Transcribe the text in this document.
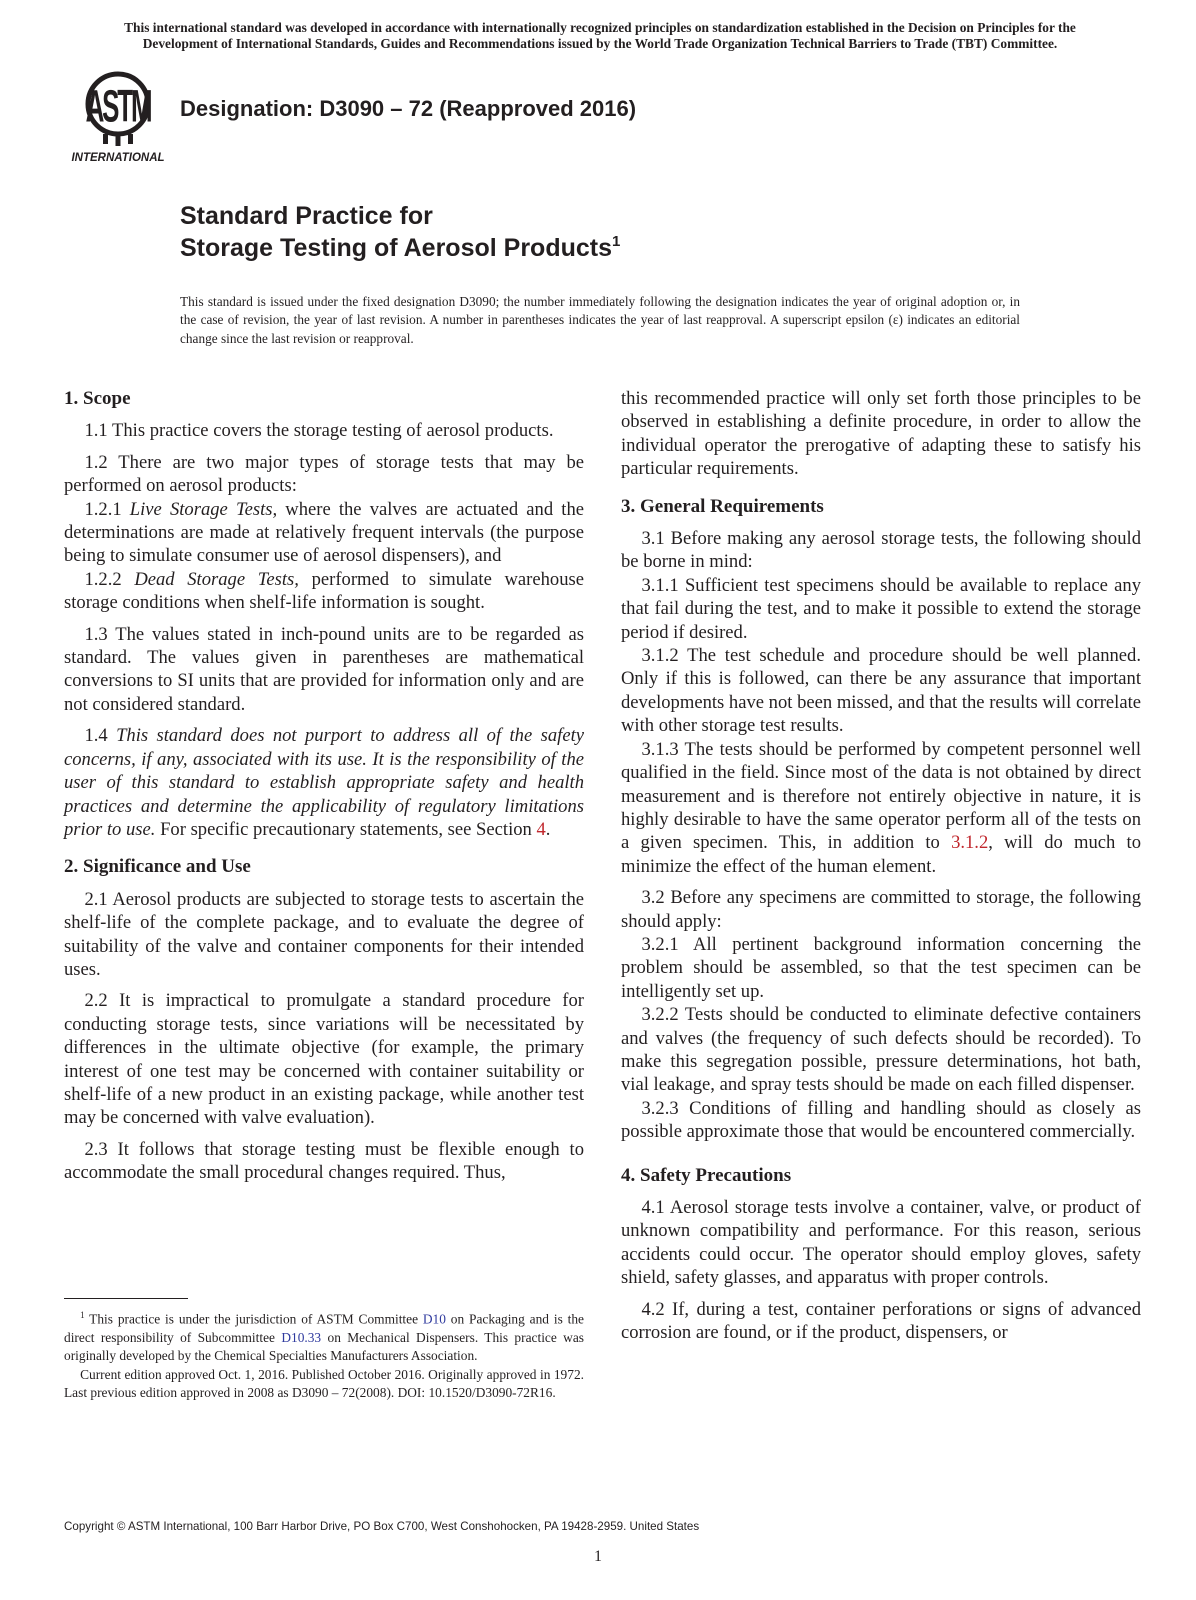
This international standard was developed in accordance with internationally recognized principles on standardization established in the Decision on Principles for the
Development of International Standards, Guides and Recommendations issued by the World Trade Organization Technical Barriers to Trade (TBT) Committee.
ASTM
INTERNATIONAL
Designation: D3090 – 72 (Reapproved 2016)
Standard Practice for
Storage Testing of Aerosol Products$^1$
This standard is issued under the fixed designation D3090; the number immediately following the designation indicates the year of original adoption or, in the case of revision, the year of last revision. A number in parentheses indicates the year of last reapproval. A superscript epsilon (ε) indicates an editorial change since the last revision or reapproval.
1. Scope

1.1 This practice covers the storage testing of aerosol products.

1.2 There are two major types of storage tests that may be performed on aerosol products:

1.2.1 Live Storage Tests, where the valves are actuated and the determinations are made at relatively frequent intervals (the purpose being to simulate consumer use of aerosol dispensers), and

1.2.2 Dead Storage Tests, performed to simulate warehouse storage conditions when shelf-life information is sought.

1.3 The values stated in inch-pound units are to be regarded as standard. The values given in parentheses are mathematical conversions to SI units that are provided for information only and are not considered standard.

1.4 This standard does not purport to address all of the safety concerns, if any, associated with its use. It is the responsibility of the user of this standard to establish appropriate safety and health practices and determine the applicability of regulatory limitations prior to use. For specific precautionary statements, see Section 4.

2. Significance and Use

2.1 Aerosol products are subjected to storage tests to ascertain the shelf-life of the complete package, and to evaluate the degree of suitability of the valve and container components for their intended uses.

2.2 It is impractical to promulgate a standard procedure for conducting storage tests, since variations will be necessitated by differences in the ultimate objective (for example, the primary interest of one test may be concerned with container suitability or shelf-life of a new product in an existing package, while another test may be concerned with valve evaluation).

2.3 It follows that storage testing must be flexible enough to accommodate the small procedural changes required. Thus,

this recommended practice will only set forth those principles to be observed in establishing a definite procedure, in order to allow the individual operator the prerogative of adapting these to satisfy his particular requirements.

3. General Requirements

3.1 Before making any aerosol storage tests, the following should be borne in mind:

3.1.1 Sufficient test specimens should be available to replace any that fail during the test, and to make it possible to extend the storage period if desired.

3.1.2 The test schedule and procedure should be well planned. Only if this is followed, can there be any assurance that important developments have not been missed, and that the results will correlate with other storage test results.

3.1.3 The tests should be performed by competent personnel well qualified in the field. Since most of the data is not obtained by direct measurement and is therefore not entirely objective in nature, it is highly desirable to have the same operator perform all of the tests on a given specimen. This, in addition to 3.1.2, will do much to minimize the effect of the human element.

3.2 Before any specimens are committed to storage, the following should apply:

3.2.1 All pertinent background information concerning the problem should be assembled, so that the test specimen can be intelligently set up.

3.2.2 Tests should be conducted to eliminate defective containers and valves (the frequency of such defects should be recorded). To make this segregation possible, pressure determinations, hot bath, vial leakage, and spray tests should be made on each filled dispenser.

3.2.3 Conditions of filling and handling should as closely as possible approximate those that would be encountered commercially.

4. Safety Precautions

4.1 Aerosol storage tests involve a container, valve, or product of unknown compatibility and performance. For this reason, serious accidents could occur. The operator should employ gloves, safety shield, safety glasses, and apparatus with proper controls.

4.2 If, during a test, container perforations or signs of advanced corrosion are found, or if the product, dispensers, or

$^1$ This practice is under the jurisdiction of ASTM Committee D10 on Packaging and is the direct responsibility of Subcommittee D10.33 on Mechanical Dispensers. This practice was originally developed by the Chemical Specialties Manufacturers Association.

Current edition approved Oct. 1, 2016. Published October 2016. Originally approved in 1972. Last previous edition approved in 2008 as D3090 – 72(2008). DOI: 10.1520/D3090-72R16.

Copyright © ASTM International, 100 Barr Harbor Drive, PO Box C700, West Conshohocken, PA 19428-2959. United States
1
